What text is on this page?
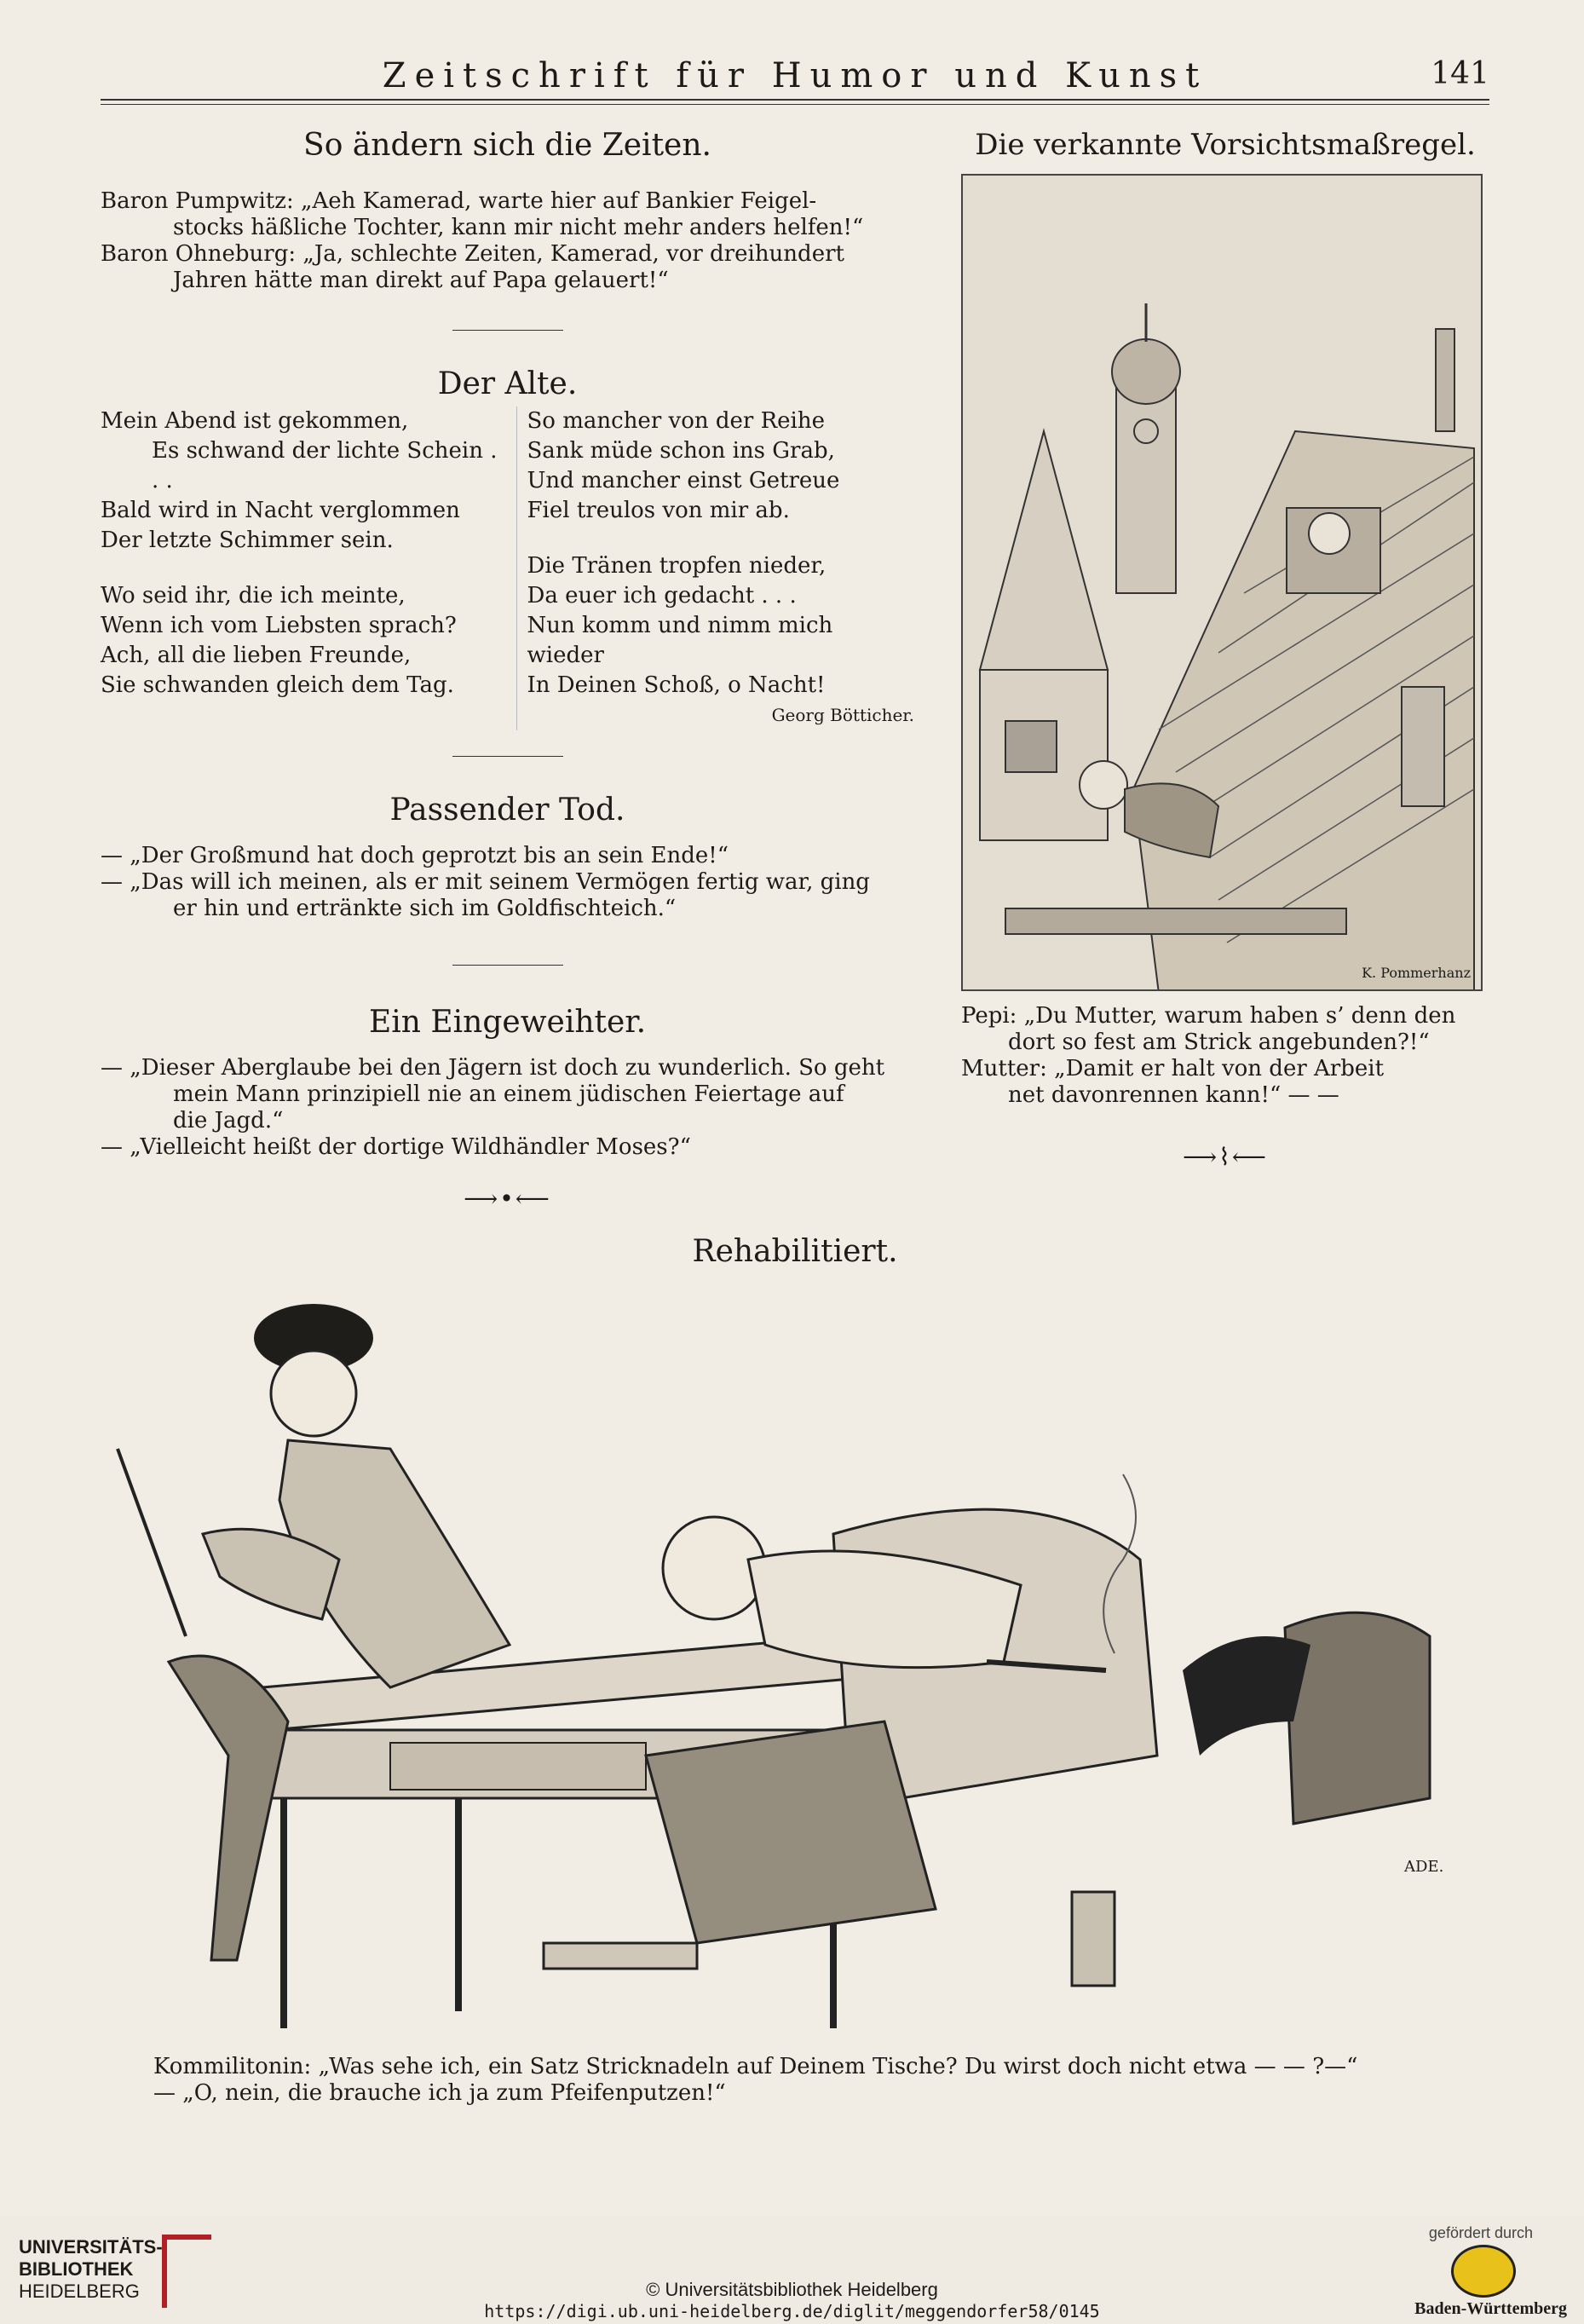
Zeitschrift für Humor und Kunst	141
So ändern sich die Zeiten.
Baron Pumpwitz: „Aeh Kamerad, warte hier auf Bankier Feigel-
stocks häßliche Tochter, kann mir nicht mehr anders helfen!“
Baron Ohneburg: „Ja, schlechte Zeiten, Kamerad, vor dreihundert
Jahren hätte man direkt auf Papa gelauert!“
Der Alte.
Mein Abend ist gekommen,
Es schwand der lichte Schein . . .
Bald wird in Nacht verglommen
Der letzte Schimmer sein.
Wo seid ihr, die ich meinte,
Wenn ich vom Liebsten sprach?
Ach, all die lieben Freunde,
Sie schwanden gleich dem Tag.
So mancher von der Reihe
Sank müde schon ins Grab,
Und mancher einst Getreue
Fiel treulos von mir ab.
Die Tränen tropfen nieder,
Da euer ich gedacht . . .
Nun komm und nimm mich wieder
In Deinen Schoß, o Nacht!
Georg Bötticher.
Passender Tod.
— „Der Großmund hat doch geprotzt bis an sein Ende!“
— „Das will ich meinen, als er mit seinem Vermögen fertig war, ging
er hin und ertränkte sich im Goldfischteich.“
Ein Eingeweihter.
— „Dieser Aberglaube bei den Jägern ist doch zu wunderlich. So geht
mein Mann prinzipiell nie an einem jüdischen Feiertage auf
die Jagd.“
— „Vielleicht heißt der dortige Wildhändler Moses?“
⟶•⟵
Die verkannte Vorsichtsmaßregel.
K. Pommerhanz
Pepi: „Du Mutter, warum haben s’ denn den
dort so fest am Strick angebunden?!“
Mutter: „Damit er halt von der Arbeit
net davonrennen kann!“ — —
⟶⌇⟵
Rehabilitiert.
ADE.
Kommilitonin: „Was sehe ich, ein Satz Stricknadeln auf Deinem Tische? Du wirst doch nicht etwa — — ?—“
— „O, nein, die brauche ich ja zum Pfeifenputzen!“
UNIVERSITÄTS-
BIBLIOTHEK
HEIDELBERG	© Universitätsbibliothek Heidelberg
https://digi.ub.uni-heidelberg.de/diglit/meggendorfer58/0145
gefördert durch
Baden-Württemberg
